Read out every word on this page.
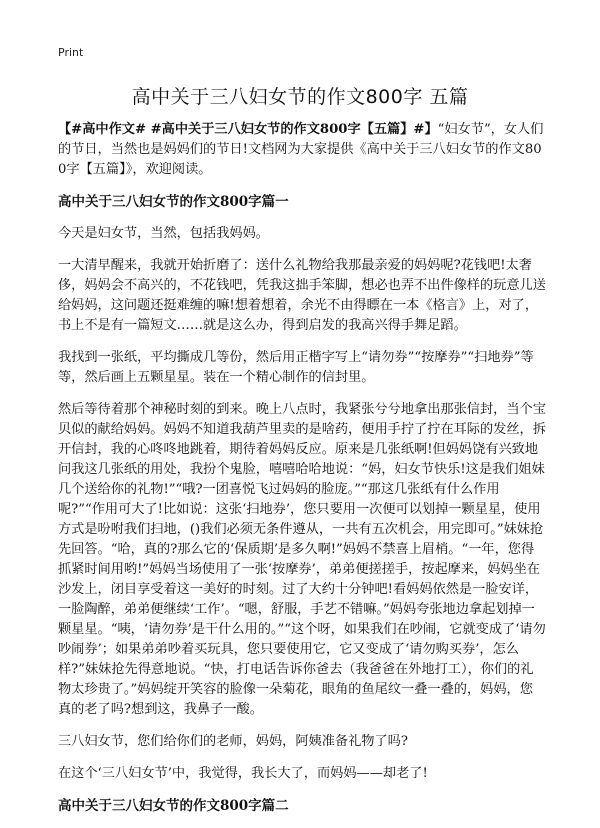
Print

高中关于三八妇女节的作文800字 五篇

【#高中作文# #高中关于三八妇女节的作文800字【五篇】#】“妇女节”，女人们的节日，当然也是妈妈们的节日!文档网为大家提供《高中关于三八妇女节的作文800字【五篇】》，欢迎阅读。

高中关于三八妇女节的作文800字篇一

今天是妇女节，当然，包括我妈妈。

一大清早醒来，我就开始折磨了：送什么礼物给我那最亲爱的妈妈呢?花钱吧!太奢侈，妈妈会不高兴的，不花钱吧，凭我这拙手笨脚，想必也弄不出件像样的玩意儿送给妈妈，这问题还挺难缠的嘛!想着想着，余光不由得瞟在一本《格言》上，对了，书上不是有一篇短文……就是这么办，得到启发的我高兴得手舞足蹈。

我找到一张纸，平均撕成几等份，然后用正楷字写上“请勿券”“按摩券”“扫地券”等等，然后画上五颗星星。装在一个精心制作的信封里。

然后等待着那个神秘时刻的到来。晚上八点时，我紧张兮兮地拿出那张信封，当个宝贝似的献给妈妈。妈妈不知道我葫芦里卖的是啥药，便用手拧了拧在耳际的发丝，拆开信封，我的心咚咚地跳着，期待着妈妈反应。原来是几张纸啊!但妈妈饶有兴致地问我这几张纸的用处，我扮个鬼脸，嘻嘻哈哈地说：“妈，妇女节快乐!这是我们姐妹几个送给你的礼物!”“哦?一团喜悦飞过妈妈的脸庞。”“那这几张纸有什么作用呢?”“作用可大了!比如说：这张‘扫地券’，您只要用一次便可以划掉一颗星星，使用方式是吩咐我们扫地，()我们必须无条件遵从，一共有五次机会，用完即可。”妹妹抢先回答。“哈，真的?那么它的‘保质期’是多久啊!”妈妈不禁喜上眉梢。“一年，您得抓紧时间用哟!”妈妈当场使用了一张‘按摩券’，弟弟便搓搓手，按起摩来，妈妈坐在沙发上，闭目享受着这一美好的时刻。过了大约十分钟吧!看妈妈依然是一脸安详，一脸陶醉，弟弟便继续‘工作’。“嗯，舒服，手艺不错嘛。”妈妈夸张地边拿起划掉一颗星星。“咦，‘请勿券’是干什么用的。”“这个呀，如果我们在吵闹，它就变成了‘请勿吵闹券’；如果弟弟吵着买玩具，您只要使用它，它又变成了‘请勿购买券’，怎么样?”妹妹抢先得意地说。“快，打电话告诉你爸去（我爸爸在外地打工），你们的礼物太珍贵了。”妈妈绽开笑容的脸像一朵菊花，眼角的鱼尾纹一叠一叠的，妈妈，您真的老了吗?想到这，我鼻子一酸。

三八妇女节，您们给你们的老师，妈妈，阿姨准备礼物了吗?

在这个‘三八妇女节’中，我觉得，我长大了，而妈妈——却老了!

高中关于三八妇女节的作文800字篇二
